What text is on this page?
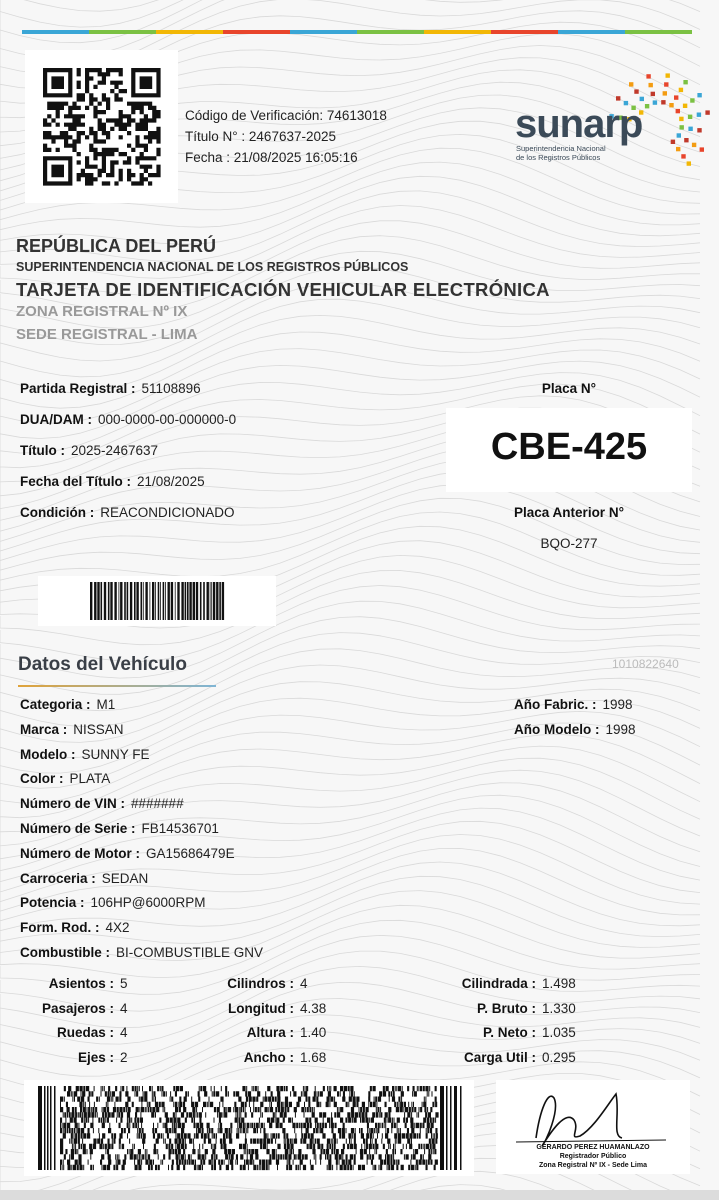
Código de Verificación: 74613018
Título N° : 2467637-2025
Fecha : 21/08/2025 16:05:16
sunarp
Superintendencia Nacional
de los Registros Públicos
REPÚBLICA DEL PERÚ
SUPERINTENDENCIA NACIONAL DE LOS REGISTROS PÚBLICOS
TARJETA DE IDENTIFICACIÓN VEHICULAR ELECTRÓNICA
ZONA REGISTRAL Nº IX
SEDE REGISTRAL - LIMA
Partida Registral : 51108896
DUA/DAM : 000-0000-00-000000-0
Título : 2025-2467637
Fecha del Título : 21/08/2025
Condición : REACONDICIONADO
Placa N°
CBE-425
Placa Anterior N°
BQO-277
Datos del Vehículo	1010822640
Categoria : M1
Marca : NISSAN
Modelo : SUNNY FE
Color : PLATA
Número de VIN : #######
Número de Serie : FB14536701
Número de Motor : GA15686479E
Carroceria : SEDAN
Potencia : 106HP@6000RPM
Form. Rod. : 4X2
Combustible : BI-COMBUSTIBLE GNV
Año Fabric. : 1998
Año Modelo : 1998
Asientos : 5
Pasajeros : 4
Ruedas : 4
Ejes : 2
Cilindros : 4
Longitud : 4.38
Altura : 1.40
Ancho : 1.68
Cilindrada : 1.498
P. Bruto : 1.330
P. Neto : 1.035
Carga Util : 0.295
GERARDO PEREZ HUAMANLAZO
Registrador Público
Zona Registral Nº IX - Sede Lima
